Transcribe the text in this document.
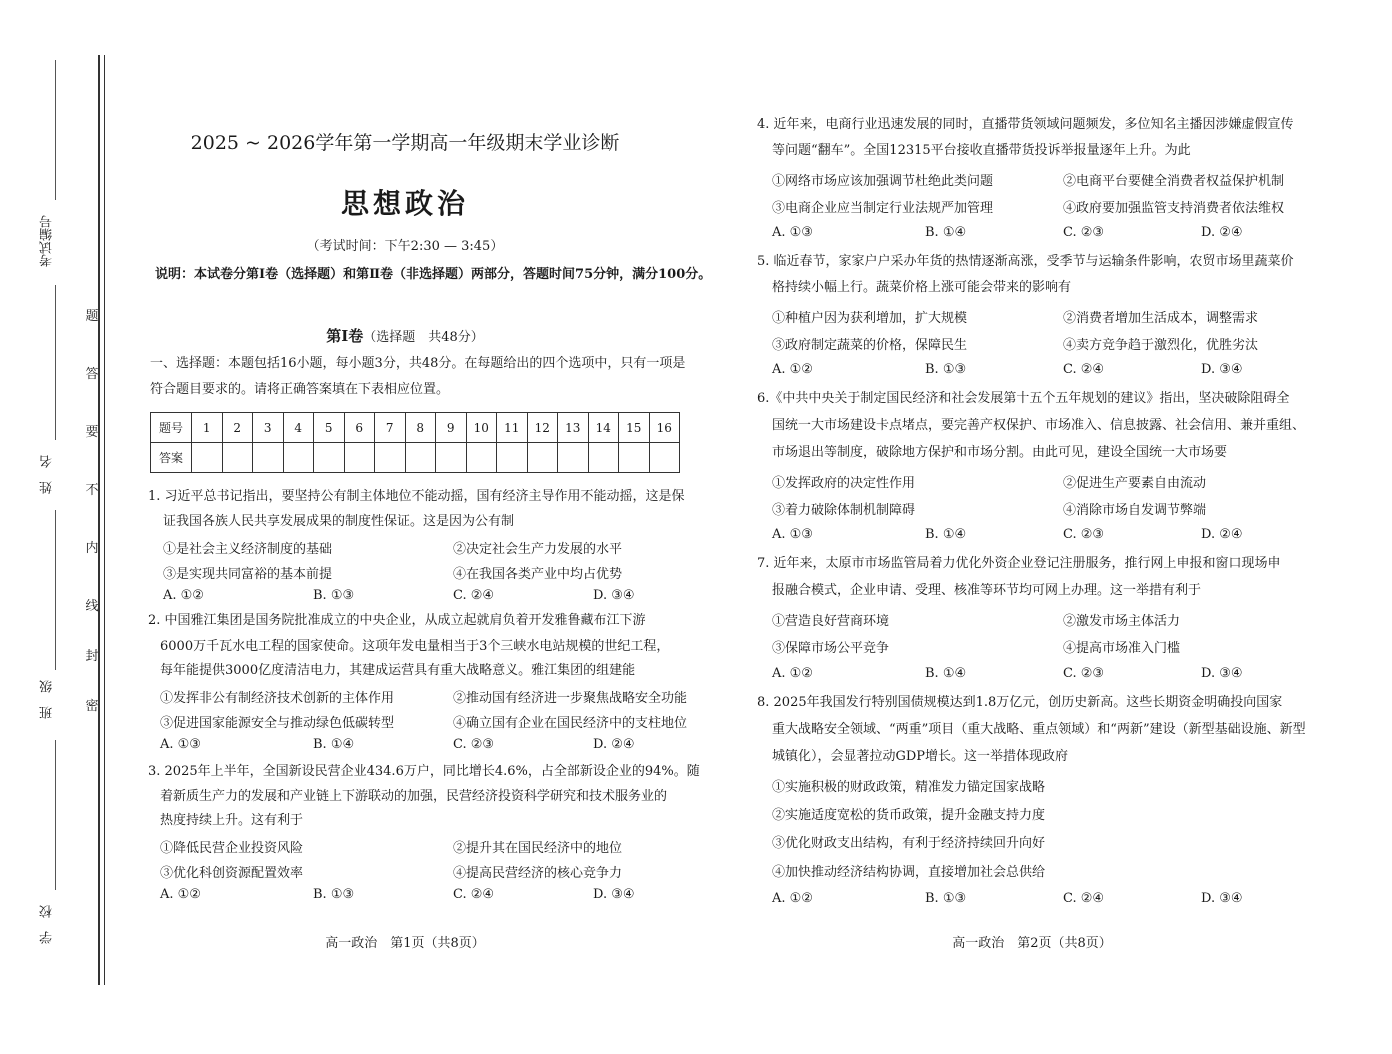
考试编号
姓　名
班　级
学　校
题
答
要
不
内
线
封
密
2025 ~ 2026学年第一学期高一年级期末学业诊断
思想政治
（考试时间：下午2:30 — 3:45）
说明：本试卷分第Ⅰ卷（选择题）和第Ⅱ卷（非选择题）两部分，答题时间75分钟，满分100分。
第Ⅰ卷（选择题　共48分）
一、选择题：本题包括16小题，每小题3分，共48分。在每题给出的四个选项中，只有一项是
符合题目要求的。请将正确答案填在下表相应位置。
题号	1	2	3	4	5	6	7	8	9	10	11	12	13	14	15	16
答案																
1. 习近平总书记指出，要坚持公有制主体地位不能动摇，国有经济主导作用不能动摇，这是保
证我国各族人民共享发展成果的制度性保证。这是因为公有制
①是社会主义经济制度的基础	②决定社会生产力发展的水平
③是实现共同富裕的基本前提	④在我国各类产业中均占优势
A. ①②	B. ①③	C. ②④	D. ③④
2. 中国雅江集团是国务院批准成立的中央企业，从成立起就肩负着开发雅鲁藏布江下游
6000万千瓦水电工程的国家使命。这项年发电量相当于3个三峡水电站规模的世纪工程，
每年能提供3000亿度清洁电力，其建成运营具有重大战略意义。雅江集团的组建能
①发挥非公有制经济技术创新的主体作用	②推动国有经济进一步聚焦战略安全功能
③促进国家能源安全与推动绿色低碳转型	④确立国有企业在国民经济中的支柱地位
A. ①③	B. ①④	C. ②③	D. ②④
3. 2025年上半年，全国新设民营企业434.6万户，同比增长4.6%，占全部新设企业的94%。随
着新质生产力的发展和产业链上下游联动的加强，民营经济投资科学研究和技术服务业的
热度持续上升。这有利于
①降低民营企业投资风险	②提升其在国民经济中的地位
③优化科创资源配置效率	④提高民营经济的核心竞争力
A. ①②	B. ①③	C. ②④	D. ③④
高一政治　第1页（共8页）
4. 近年来，电商行业迅速发展的同时，直播带货领域问题频发，多位知名主播因涉嫌虚假宣传
等问题“翻车”。全国12315平台接收直播带货投诉举报量逐年上升。为此
①网络市场应该加强调节杜绝此类问题	②电商平台要健全消费者权益保护机制
③电商企业应当制定行业法规严加管理	④政府要加强监管支持消费者依法维权
A. ①③	B. ①④	C. ②③	D. ②④
5. 临近春节，家家户户采办年货的热情逐渐高涨，受季节与运输条件影响，农贸市场里蔬菜价
格持续小幅上行。蔬菜价格上涨可能会带来的影响有
①种植户因为获利增加，扩大规模	②消费者增加生活成本，调整需求
③政府制定蔬菜的价格，保障民生	④卖方竞争趋于激烈化，优胜劣汰
A. ①②	B. ①③	C. ②④	D. ③④
6.《中共中央关于制定国民经济和社会发展第十五个五年规划的建议》指出，坚决破除阻碍全
国统一大市场建设卡点堵点，要完善产权保护、市场准入、信息披露、社会信用、兼并重组、
市场退出等制度，破除地方保护和市场分割。由此可见，建设全国统一大市场要
①发挥政府的决定性作用	②促进生产要素自由流动
③着力破除体制机制障碍	④消除市场自发调节弊端
A. ①③	B. ①④	C. ②③	D. ②④
7. 近年来，太原市市场监管局着力优化外资企业登记注册服务，推行网上申报和窗口现场申
报融合模式，企业申请、受理、核准等环节均可网上办理。这一举措有利于
①营造良好营商环境	②激发市场主体活力
③保障市场公平竞争	④提高市场准入门槛
A. ①②	B. ①④	C. ②③	D. ③④
8. 2025年我国发行特别国债规模达到1.8万亿元，创历史新高。这些长期资金明确投向国家
重大战略安全领域、“两重”项目（重大战略、重点领域）和“两新”建设（新型基础设施、新型
城镇化），会显著拉动GDP增长。这一举措体现政府
①实施积极的财政政策，精准发力锚定国家战略
②实施适度宽松的货币政策，提升金融支持力度
③优化财政支出结构，有利于经济持续回升向好
④加快推动经济结构协调，直接增加社会总供给
A. ①②	B. ①③	C. ②④	D. ③④
高一政治　第2页（共8页）
